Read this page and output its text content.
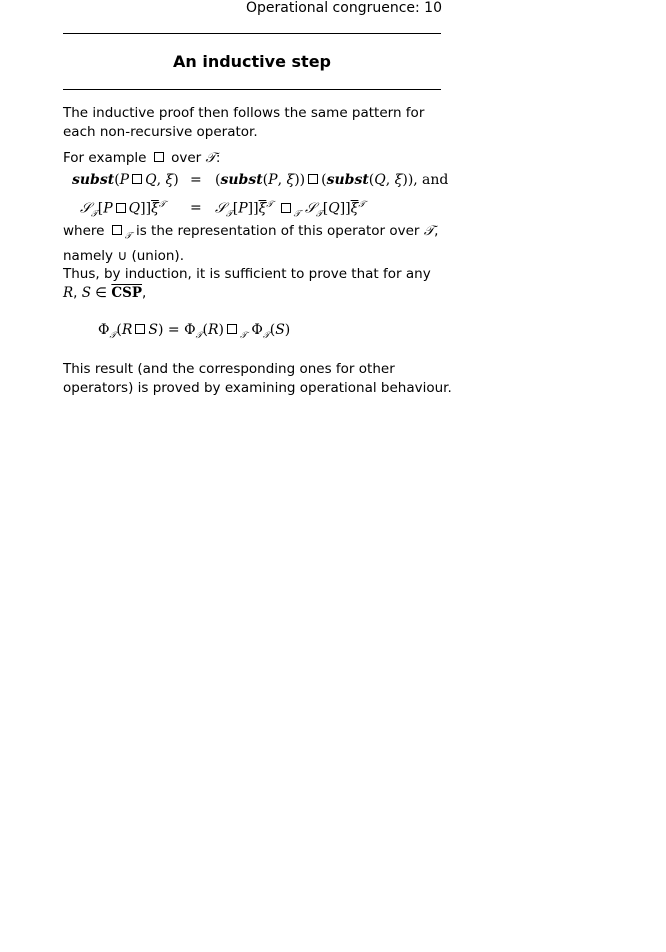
Operational congruence: 10
An inductive step
The inductive proof then follows the same pattern for each non-recursive operator.
For example over 𝒯:
subst(P Q, ξ) = (subst(P, ξ)) (subst(Q, ξ)), and
𝒮$_𝒯$[P $Q]]\overline{\xi}^𝒯$ = $𝒮_𝒯[P]]\overline{\xi}^𝒯$ $_𝒯$ $𝒮_𝒯[Q]]\overline{\xi}^𝒯$
where $_𝒯$ is the representation of this operator over 𝒯,
namely ∪ (union).
Thus, by induction, it is sufficient to prove that for any
R, S ∈ $\overline{CSP}$,
$\Phi_𝒯(R$ $S) = \Phi_𝒯(R)$ $_𝒯$ $\Phi_𝒯(S)$
This result (and the corresponding ones for other operators) is proved by examining operational behaviour.
